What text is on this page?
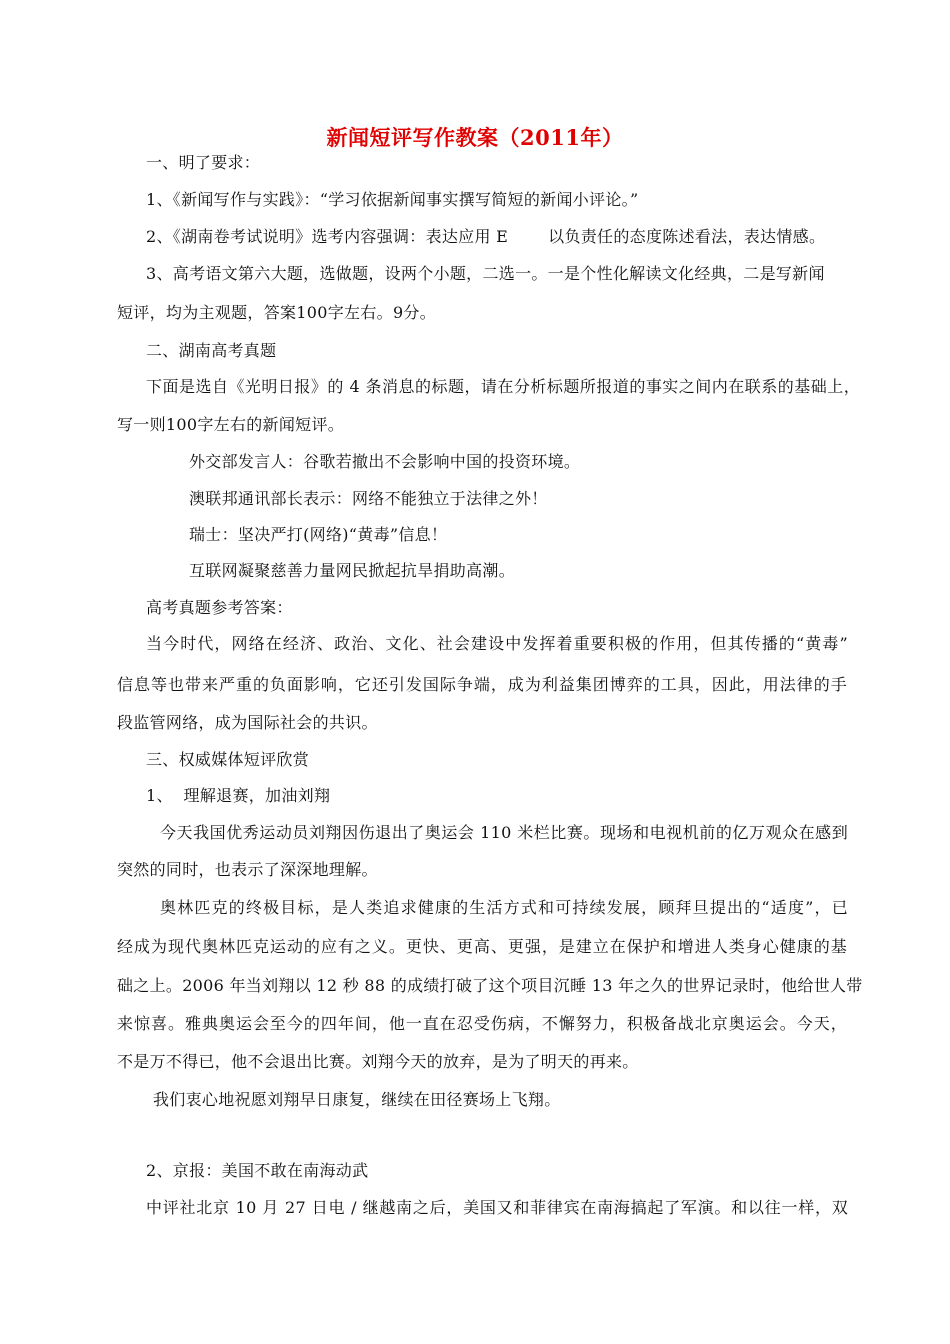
新闻短评写作教案（2011年）
一、明了要求：
1、《新闻写作与实践》：“学习依据新闻事实撰写简短的新闻小评论。”
2、《湖南卷考试说明》选考内容强调：表达应用 E	以负责任的态度陈述看法，表达情感。
3、高考语文第六大题，选做题，设两个小题，二选一。一是个性化解读文化经典，二是写新闻
短评，均为主观题，答案100字左右。9分。
二、湖南高考真题
下面是选自《光明日报》的 4 条消息的标题，请在分析标题所报道的事实之间内在联系的基础上，
写一则100字左右的新闻短评。
外交部发言人：谷歌若撤出不会影响中国的投资环境。
澳联邦通讯部长表示：网络不能独立于法律之外！
瑞士：坚决严打(网络)“黄毒”信息！
互联网凝聚慈善力量网民掀起抗旱捐助高潮。
高考真题参考答案：
当今时代，网络在经济、政治、文化、社会建设中发挥着重要积极的作用，但其传播的“黄毒”
信息等也带来严重的负面影响，它还引发国际争端，成为利益集团博弈的工具，因此，用法律的手
段监管网络，成为国际社会的共识。
三、权威媒体短评欣赏
1、  理解退赛，加油刘翔
今天我国优秀运动员刘翔因伤退出了奥运会 110 米栏比赛。现场和电视机前的亿万观众在感到
突然的同时，也表示了深深地理解。
奥林匹克的终极目标，是人类追求健康的生活方式和可持续发展，顾拜旦提出的“适度”，已
经成为现代奥林匹克运动的应有之义。更快、更高、更强，是建立在保护和增进人类身心健康的基
础之上。2006 年当刘翔以 12 秒 88 的成绩打破了这个项目沉睡 13 年之久的世界记录时，他给世人带
来惊喜。雅典奥运会至今的四年间，他一直在忍受伤病，不懈努力，积极备战北京奥运会。今天，
不是万不得已，他不会退出比赛。刘翔今天的放弃，是为了明天的再来。
我们衷心地祝愿刘翔早日康复，继续在田径赛场上飞翔。
2、京报：美国不敢在南海动武
中评社北京 10 月 27 日电 / 继越南之后，美国又和菲律宾在南海搞起了军演。和以往一样，双
